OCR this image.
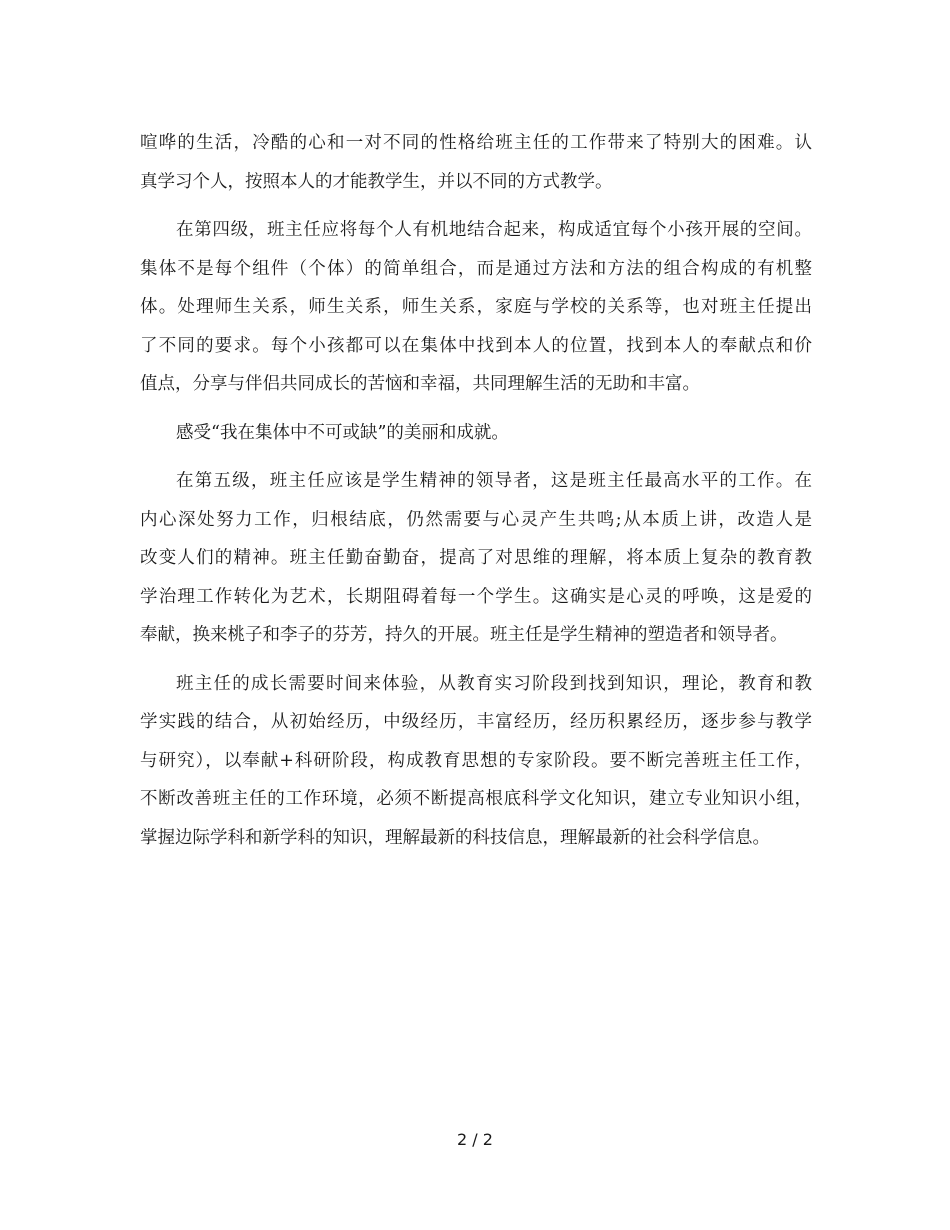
喧哗的生活，冷酷的心和一对不同的性格给班主任的工作带来了特别大的困难。认
真学习个人，按照本人的才能教学生，并以不同的方式教学。
在第四级，班主任应将每个人有机地结合起来，构成适宜每个小孩开展的空间。
集体不是每个组件（个体）的简单组合，而是通过方法和方法的组合构成的有机整
体。处理师生关系，师生关系，师生关系，家庭与学校的关系等，也对班主任提出
了不同的要求。每个小孩都可以在集体中找到本人的位置，找到本人的奉献点和价
值点，分享与伴侣共同成长的苦恼和幸福，共同理解生活的无助和丰富。
感受“我在集体中不可或缺”的美丽和成就。
在第五级，班主任应该是学生精神的领导者，这是班主任最高水平的工作。在
内心深处努力工作，归根结底，仍然需要与心灵产生共鸣;从本质上讲，改造人是
改变人们的精神。班主任勤奋勤奋，提高了对思维的理解，将本质上复杂的教育教
学治理工作转化为艺术，长期阻碍着每一个学生。这确实是心灵的呼唤，这是爱的
奉献，换来桃子和李子的芬芳，持久的开展。班主任是学生精神的塑造者和领导者。
班主任的成长需要时间来体验，从教育实习阶段到找到知识，理论，教育和教
学实践的结合，从初始经历，中级经历，丰富经历，经历积累经历，逐步参与教学
与研究），以奉献+科研阶段，构成教育思想的专家阶段。要不断完善班主任工作，
不断改善班主任的工作环境，必须不断提高根底科学文化知识，建立专业知识小组，
掌握边际学科和新学科的知识，理解最新的科技信息，理解最新的社会科学信息。
2 / 2
